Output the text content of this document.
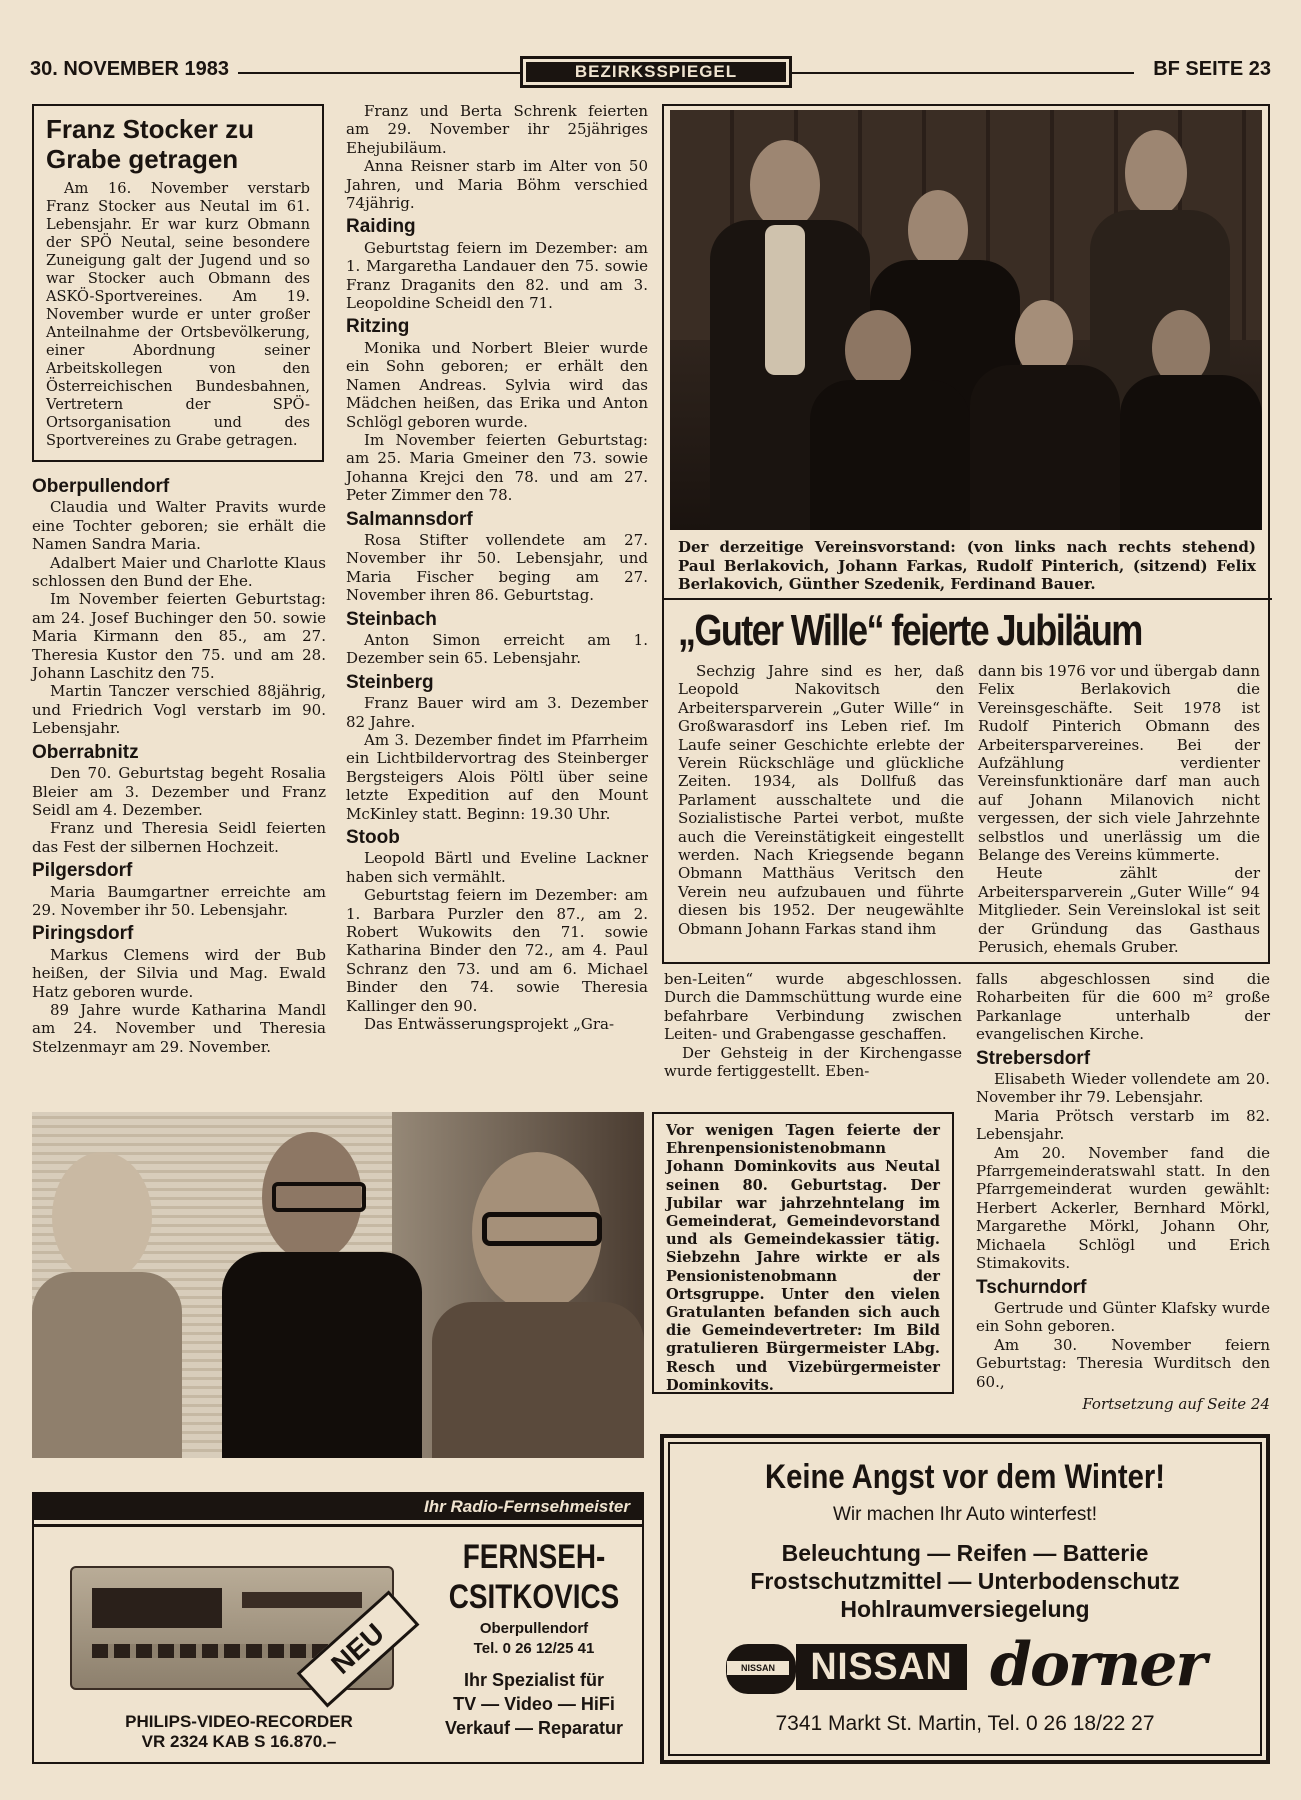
30. NOVEMBER 1983	BEZIRKSSPIEGEL	BF SEITE 23
Franz Stocker zu Grabe getragen

Am 16. November verstarb Franz Stocker aus Neutal im 61. Lebensjahr. Er war kurz Obmann der SPÖ Neutal, seine besondere Zuneigung galt der Jugend und so war Stocker auch Obmann des ASKÖ-Sportvereines. Am 19. November wurde er unter großer Anteilnahme der Ortsbevölkerung, einer Abordnung seiner Arbeitskollegen von den Österreichischen Bundesbahnen, Vertretern der SPÖ-Ortsorganisation und des Sportvereines zu Grabe getragen.

Oberpullendorf

Claudia und Walter Pravits wurde eine Tochter geboren; sie erhält die Namen Sandra Maria.

Adalbert Maier und Charlotte Klaus schlossen den Bund der Ehe.

Im November feierten Geburtstag: am 24. Josef Buchinger den 50. sowie Maria Kirmann den 85., am 27. Theresia Kustor den 75. und am 28. Johann Laschitz den 75.

Martin Tanczer verschied 88jährig, und Friedrich Vogl verstarb im 90. Lebensjahr.

Oberrabnitz

Den 70. Geburtstag begeht Rosalia Bleier am 3. Dezember und Franz Seidl am 4. Dezember.

Franz und Theresia Seidl feierten das Fest der silbernen Hochzeit.

Pilgersdorf

Maria Baumgartner erreichte am 29. November ihr 50. Lebensjahr.

Piringsdorf

Markus Clemens wird der Bub heißen, der Silvia und Mag. Ewald Hatz geboren wurde.

89 Jahre wurde Katharina Mandl am 24. November und Theresia Stelzenmayr am 29. November.

Franz und Berta Schrenk feierten am 29. November ihr 25jähriges Ehejubiläum.

Anna Reisner starb im Alter von 50 Jahren, und Maria Böhm verschied 74jährig.

Raiding

Geburtstag feiern im Dezember: am 1. Margaretha Landauer den 75. sowie Franz Draganits den 82. und am 3. Leopoldine Scheidl den 71.

Ritzing

Monika und Norbert Bleier wurde ein Sohn geboren; er erhält den Namen Andreas. Sylvia wird das Mädchen heißen, das Erika und Anton Schlögl geboren wurde.

Im November feierten Geburtstag: am 25. Maria Gmeiner den 73. sowie Johanna Krejci den 78. und am 27. Peter Zimmer den 78.

Salmannsdorf

Rosa Stifter vollendete am 27. November ihr 50. Lebensjahr, und Maria Fischer beging am 27. November ihren 86. Geburtstag.

Steinbach

Anton Simon erreicht am 1. Dezember sein 65. Lebensjahr.

Steinberg

Franz Bauer wird am 3. Dezember 82 Jahre.

Am 3. Dezember findet im Pfarrheim ein Lichtbildervortrag des Steinberger Bergsteigers Alois Pöltl über seine letzte Expedition auf den Mount McKinley statt. Beginn: 19.30 Uhr.

Stoob

Leopold Bärtl und Eveline Lackner haben sich vermählt.

Geburtstag feiern im Dezember: am 1. Barbara Purzler den 87., am 2. Robert Wukowits den 71. sowie Katharina Binder den 72., am 4. Paul Schranz den 73. und am 6. Michael Binder den 74. sowie Theresia Kallinger den 90.

Das Entwässerungsprojekt „Gra-

Der derzeitige Vereinsvorstand: (von links nach rechts stehend) Paul Berlakovich, Johann Farkas, Rudolf Pinterich, (sitzend) Felix Berlakovich, Günther Szedenik, Ferdinand Bauer.
„Guter Wille“ feierte Jubiläum

Sechzig Jahre sind es her, daß Leopold Nakovitsch den Arbeitersparverein „Guter Wille“ in Großwarasdorf ins Leben rief. Im Laufe seiner Geschichte erlebte der Verein Rückschläge und glückliche Zeiten. 1934, als Dollfuß das Parlament ausschaltete und die Sozialistische Partei verbot, mußte auch die Vereinstätigkeit eingestellt werden. Nach Kriegsende begann Obmann Matthäus Veritsch den Verein neu aufzubauen und führte diesen bis 1952. Der neugewählte Obmann Johann Farkas stand ihm

dann bis 1976 vor und übergab dann Felix Berlakovich die Vereinsgeschäfte. Seit 1978 ist Rudolf Pinterich Obmann des Arbeitersparvereines. Bei der Aufzählung verdienter Vereinsfunktionäre darf man auch auf Johann Milanovich nicht vergessen, der sich viele Jahrzehnte selbstlos und unerlässig um die Belange des Vereins kümmerte.

Heute zählt der Arbeitersparverein „Guter Wille“ 94 Mitglieder. Sein Vereinslokal ist seit der Gründung das Gasthaus Perusich, ehemals Gruber.

ben-Leiten“ wurde abgeschlossen. Durch die Dammschüttung wurde eine befahrbare Verbindung zwischen Leiten- und Grabengasse geschaffen.

Der Gehsteig in der Kirchengasse wurde fertiggestellt. Eben-

falls abgeschlossen sind die Roharbeiten für die 600 m² große Parkanlage unterhalb der evangelischen Kirche.

Strebersdorf

Elisabeth Wieder vollendete am 20. November ihr 79. Lebensjahr.

Maria Prötsch verstarb im 82. Lebensjahr.

Am 20. November fand die Pfarrgemeinderatswahl statt. In den Pfarrgemeinderat wurden gewählt: Herbert Ackerler, Bernhard Mörkl, Margarethe Mörkl, Johann Ohr, Michaela Schlögl und Erich Stimakovits.

Tschurndorf

Gertrude und Günter Klafsky wurde ein Sohn geboren.

Am 30. November feiern Geburtstag: Theresia Wurditsch den 60.,

Fortsetzung auf Seite 24
Vor wenigen Tagen feierte der Ehrenpensionistenobmann Johann Dominkovits aus Neutal seinen 80. Geburtstag. Der Jubilar war jahrzehntelang im Gemeinderat, Gemeindevorstand und als Gemeindekassier tätig. Siebzehn Jahre wirkte er als Pensionistenobmann der Ortsgruppe. Unter den vielen Gratulanten befanden sich auch die Gemeindevertreter: Im Bild gratulieren Bürgermeister LAbg. Resch und Vizebürgermeister Dominkovits.
Ihr Radio-Fernsehmeister
NEU
PHILIPS-VIDEO-RECORDER
VR 2324 KAB S 16.870.–
FERNSEH-
CSITKOVICS
Oberpullendorf
Tel. 0 26 12/25 41
Ihr Spezialist für
TV — Video — HiFi
Verkauf — Reparatur
Keine Angst vor dem Winter!
Wir machen Ihr Auto winterfest!
Beleuchtung — Reifen — Batterie
Frostschutzmittel — Unterbodenschutz
Hohlraumversiegelung
NISSAN NISSAN dorner
7341 Markt St. Martin, Tel. 0 26 18/22 27
